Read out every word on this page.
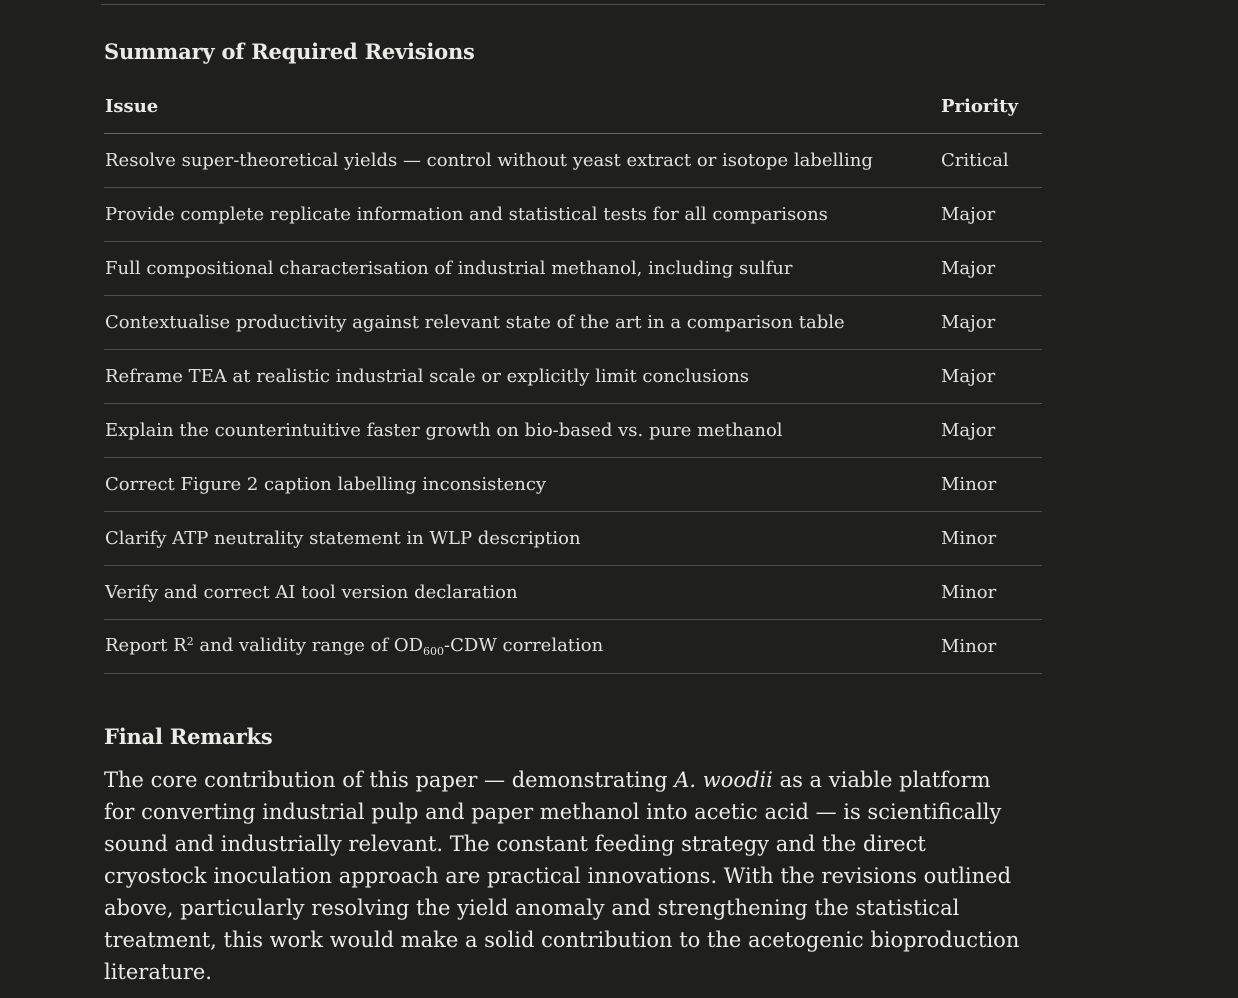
Summary of Required Revisions
Issue	Priority
Resolve super-theoretical yields — control without yeast extract or isotope labelling	Critical
Provide complete replicate information and statistical tests for all comparisons	Major
Full compositional characterisation of industrial methanol, including sulfur	Major
Contextualise productivity against relevant state of the art in a comparison table	Major
Reframe TEA at realistic industrial scale or explicitly limit conclusions	Major
Explain the counterintuitive faster growth on bio-based vs. pure methanol	Major
Correct Figure 2 caption labelling inconsistency	Minor
Clarify ATP neutrality statement in WLP description	Minor
Verify and correct AI tool version declaration	Minor
Report $R^2$ and validity range of $OD_{600}$-CDW correlation	Minor
Final Remarks

The core contribution of this paper — demonstrating A. woodii as a viable platform for converting industrial pulp and paper methanol into acetic acid — is scientifically sound and industrially relevant. The constant feeding strategy and the direct cryostock inoculation approach are practical innovations. With the revisions outlined above, particularly resolving the yield anomaly and strengthening the statistical treatment, this work would make a solid contribution to the acetogenic bioproduction literature.
